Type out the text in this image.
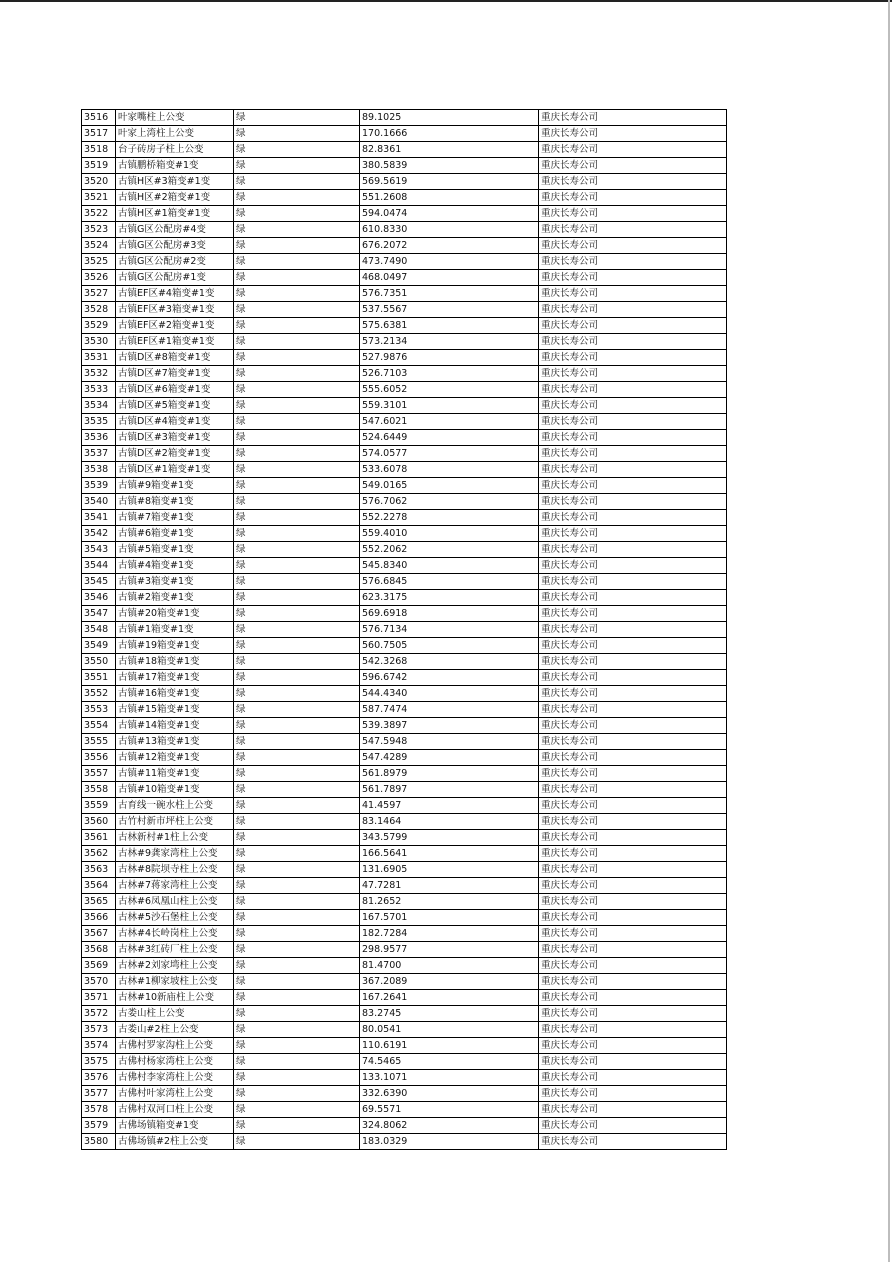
3516	叶家嘴柱上公变	绿	89.1025	重庆长寿公司
3517	叶家上湾柱上公变	绿	170.1666	重庆长寿公司
3518	台子砖房子柱上公变	绿	82.8361	重庆长寿公司
3519	古镇鹏桥箱变#1变	绿	380.5839	重庆长寿公司
3520	古镇H区#3箱变#1变	绿	569.5619	重庆长寿公司
3521	古镇H区#2箱变#1变	绿	551.2608	重庆长寿公司
3522	古镇H区#1箱变#1变	绿	594.0474	重庆长寿公司
3523	古镇G区公配房#4变	绿	610.8330	重庆长寿公司
3524	古镇G区公配房#3变	绿	676.2072	重庆长寿公司
3525	古镇G区公配房#2变	绿	473.7490	重庆长寿公司
3526	古镇G区公配房#1变	绿	468.0497	重庆长寿公司
3527	古镇EF区#4箱变#1变	绿	576.7351	重庆长寿公司
3528	古镇EF区#3箱变#1变	绿	537.5567	重庆长寿公司
3529	古镇EF区#2箱变#1变	绿	575.6381	重庆长寿公司
3530	古镇EF区#1箱变#1变	绿	573.2134	重庆长寿公司
3531	古镇D区#8箱变#1变	绿	527.9876	重庆长寿公司
3532	古镇D区#7箱变#1变	绿	526.7103	重庆长寿公司
3533	古镇D区#6箱变#1变	绿	555.6052	重庆长寿公司
3534	古镇D区#5箱变#1变	绿	559.3101	重庆长寿公司
3535	古镇D区#4箱变#1变	绿	547.6021	重庆长寿公司
3536	古镇D区#3箱变#1变	绿	524.6449	重庆长寿公司
3537	古镇D区#2箱变#1变	绿	574.0577	重庆长寿公司
3538	古镇D区#1箱变#1变	绿	533.6078	重庆长寿公司
3539	古镇#9箱变#1变	绿	549.0165	重庆长寿公司
3540	古镇#8箱变#1变	绿	576.7062	重庆长寿公司
3541	古镇#7箱变#1变	绿	552.2278	重庆长寿公司
3542	古镇#6箱变#1变	绿	559.4010	重庆长寿公司
3543	古镇#5箱变#1变	绿	552.2062	重庆长寿公司
3544	古镇#4箱变#1变	绿	545.8340	重庆长寿公司
3545	古镇#3箱变#1变	绿	576.6845	重庆长寿公司
3546	古镇#2箱变#1变	绿	623.3175	重庆长寿公司
3547	古镇#20箱变#1变	绿	569.6918	重庆长寿公司
3548	古镇#1箱变#1变	绿	576.7134	重庆长寿公司
3549	古镇#19箱变#1变	绿	560.7505	重庆长寿公司
3550	古镇#18箱变#1变	绿	542.3268	重庆长寿公司
3551	古镇#17箱变#1变	绿	596.6742	重庆长寿公司
3552	古镇#16箱变#1变	绿	544.4340	重庆长寿公司
3553	古镇#15箱变#1变	绿	587.7474	重庆长寿公司
3554	古镇#14箱变#1变	绿	539.3897	重庆长寿公司
3555	古镇#13箱变#1变	绿	547.5948	重庆长寿公司
3556	古镇#12箱变#1变	绿	547.4289	重庆长寿公司
3557	古镇#11箱变#1变	绿	561.8979	重庆长寿公司
3558	古镇#10箱变#1变	绿	561.7897	重庆长寿公司
3559	古育线一碗水柱上公变	绿	41.4597	重庆长寿公司
3560	古竹村新市坪柱上公变	绿	83.1464	重庆长寿公司
3561	古林新村#1柱上公变	绿	343.5799	重庆长寿公司
3562	古林#9龚家湾柱上公变	绿	166.5641	重庆长寿公司
3563	古林#8院坝寺柱上公变	绿	131.6905	重庆长寿公司
3564	古林#7蒋家湾柱上公变	绿	47.7281	重庆长寿公司
3565	古林#6凤凰山柱上公变	绿	81.2652	重庆长寿公司
3566	古林#5沙石堡柱上公变	绿	167.5701	重庆长寿公司
3567	古林#4长岭岗柱上公变	绿	182.7284	重庆长寿公司
3568	古林#3红砖厂柱上公变	绿	298.9577	重庆长寿公司
3569	古林#2刘家塆柱上公变	绿	81.4700	重庆长寿公司
3570	古林#1柳家坡柱上公变	绿	367.2089	重庆长寿公司
3571	古林#10新庙柱上公变	绿	167.2641	重庆长寿公司
3572	古娄山柱上公变	绿	83.2745	重庆长寿公司
3573	古娄山#2柱上公变	绿	80.0541	重庆长寿公司
3574	古佛村罗家沟柱上公变	绿	110.6191	重庆长寿公司
3575	古佛村杨家湾柱上公变	绿	74.5465	重庆长寿公司
3576	古佛村李家湾柱上公变	绿	133.1071	重庆长寿公司
3577	古佛村叶家湾柱上公变	绿	332.6390	重庆长寿公司
3578	古佛村双河口柱上公变	绿	69.5571	重庆长寿公司
3579	古佛场镇箱变#1变	绿	324.8062	重庆长寿公司
3580	古佛场镇#2柱上公变	绿	183.0329	重庆长寿公司
